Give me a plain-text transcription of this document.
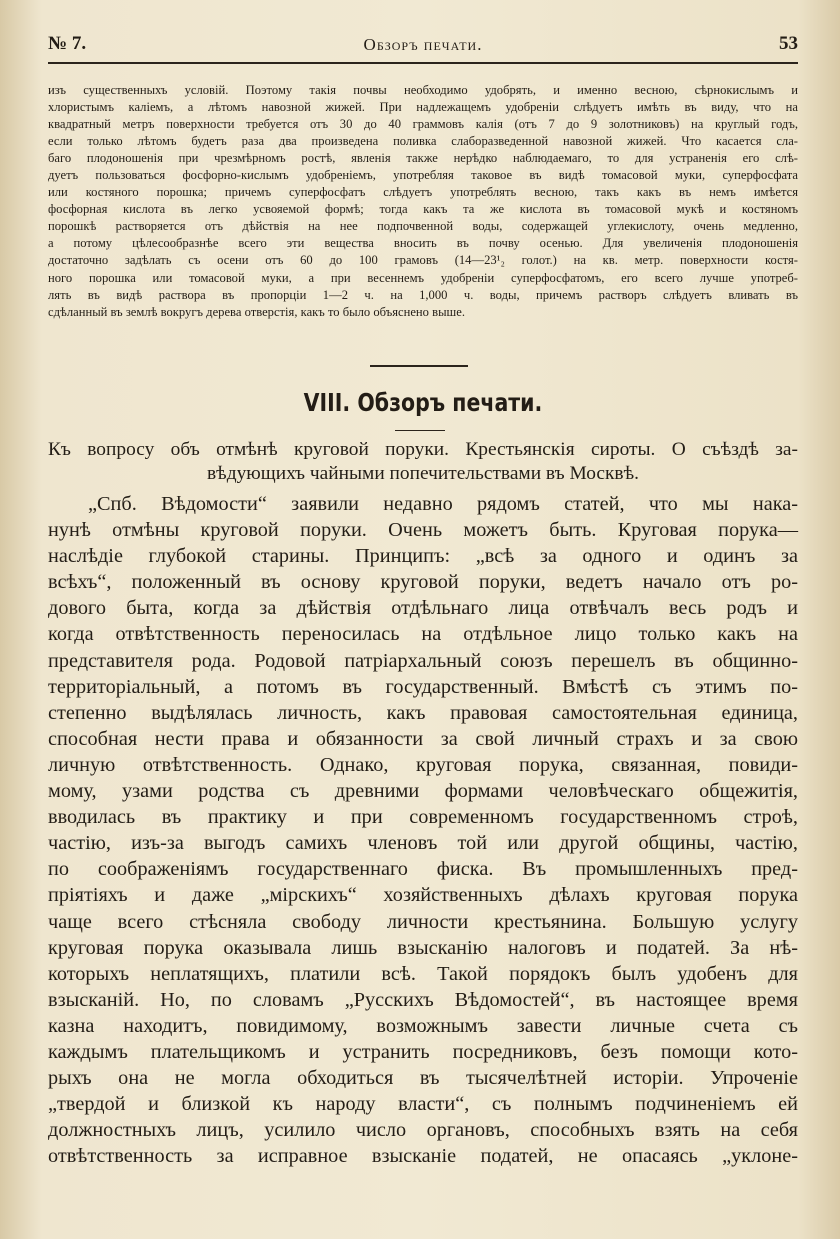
№ 7.	Обзоръ печати.	53
изъ существенныхъ условій. Поэтому такія почвы необходимо удобрять, и именно весною, сѣрнокислымъ и
хлористымъ каліемъ, а лѣтомъ навозной жижей. При надлежащемъ удобреніи слѣдуетъ имѣть въ виду, что на
квадратный метръ поверхности требуется отъ 30 до 40 граммовъ калія (отъ 7 до 9 золотниковъ) на круглый годъ,
если только лѣтомъ будетъ раза два произведена поливка слаборазведенной навозной жижей. Что касается сла-
баго плодоношенія при чрезмѣрномъ ростѣ, явленія также нерѣдко наблюдаемаго, то для устраненія его слѣ-
дуетъ пользоваться фосфорно-кислымъ удобреніемъ, употребляя таковое въ видѣ томасовой муки, суперфосфата
или костяного порошка; причемъ суперфосфатъ слѣдуетъ употреблять весною, такъ какъ въ немъ имѣется
фосфорная кислота въ легко усвояемой формѣ; тогда какъ та же кислота въ томасовой мукѣ и костяномъ
порошкѣ растворяется отъ дѣйствія на нее подпочвенной воды, содержащей углекислоту, очень медленно,
а потому цѣлесообразнѣе всего эти вещества вносить въ почву осенью. Для увеличенія плодоношенія
достаточно задѣлать съ осени отъ 60 до 100 грамовъ (14—23¹₂ голот.) на кв. метр. поверхности костя-
ного порошка или томасовой муки, а при весеннемъ удобреніи суперфосфатомъ, его всего лучше употреб-
лять въ видѣ раствора въ пропорціи 1—2 ч. на 1,000 ч. воды, причемъ растворъ слѣдуетъ вливать въ
сдѣланный въ землѣ вокругъ дерева отверстія, какъ то было объяснено выше.
VIII. Обзоръ печати.
Къ вопросу объ отмѣнѣ круговой поруки. Крестьянскія сироты. О съѣздѣ за-
вѣдующихъ чайными попечительствами въ Москвѣ.
„Спб. Вѣдомости“ заявили недавно рядомъ статей, что мы нака-
нунѣ отмѣны круговой поруки. Очень можетъ быть. Круговая порука—
наслѣдіе глубокой старины. Принципъ: „всѣ за одного и одинъ за
всѣхъ“, положенный въ основу круговой поруки, ведетъ начало отъ ро-
дового быта, когда за дѣйствія отдѣльнаго лица отвѣчалъ весь родъ и
когда отвѣтственность переносилась на отдѣльное лицо только какъ на
представителя рода. Родовой патріархальный союзъ перешелъ въ общинно-
территоріальный, а потомъ въ государственный. Вмѣстѣ съ этимъ по-
степенно выдѣлялась личность, какъ правовая самостоятельная единица,
способная нести права и обязанности за свой личный страхъ и за свою
личную отвѣтственность. Однако, круговая порука, связанная, повиди-
мому, узами родства съ древними формами человѣческаго общежитія,
вводилась въ практику и при современномъ государственномъ строѣ,
частію, изъ-за выгодъ самихъ членовъ той или другой общины, частію,
по соображеніямъ государственнаго фиска. Въ промышленныхъ пред-
пріятіяхъ и даже „мірскихъ“ хозяйственныхъ дѣлахъ круговая порука
чаще всего стѣсняла свободу личности крестьянина. Большую услугу
круговая порука оказывала лишь взысканію налоговъ и податей. За нѣ-
которыхъ неплатящихъ, платили всѣ. Такой порядокъ былъ удобенъ для
взысканій. Но, по словамъ „Русскихъ Вѣдомостей“, въ настоящее время
казна находитъ, повидимому, возможнымъ завести личные счета съ
каждымъ плательщикомъ и устранить посредниковъ, безъ помощи кото-
рыхъ она не могла обходиться въ тысячелѣтней исторіи. Упроченіе
„твердой и близкой къ народу власти“, съ полнымъ подчиненіемъ ей
должностныхъ лицъ, усилило число органовъ, способныхъ взять на себя
отвѣтственность за исправное взысканіе податей, не опасаясь „уклоне-
